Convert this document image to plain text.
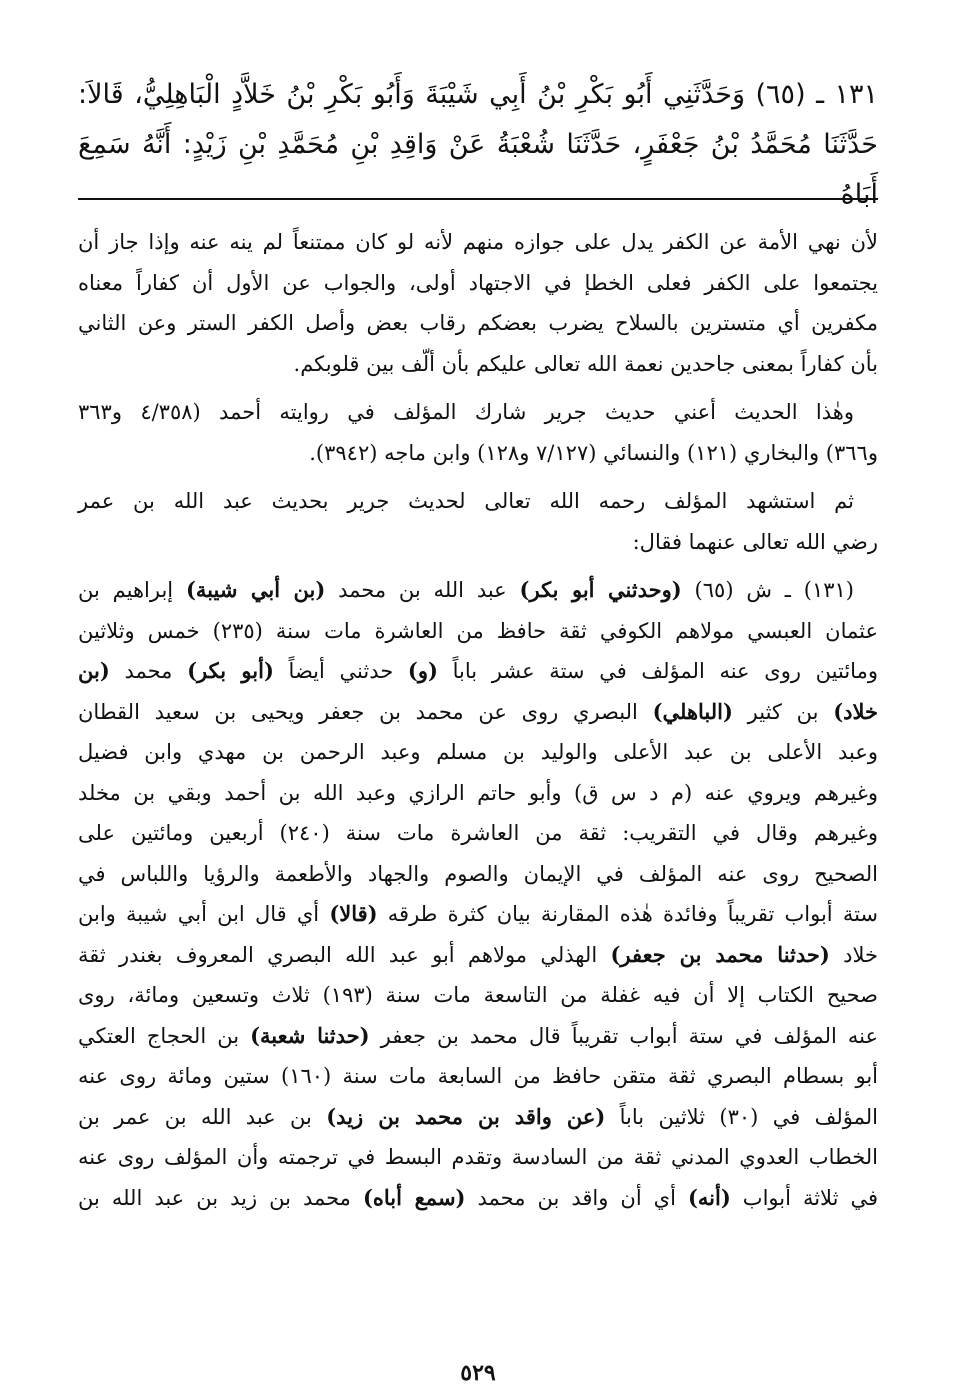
١٣١ ـ (٦٥) وَحَدَّثَنِي أَبُو بَكْرِ بْنُ أَبِي شَيْبَةَ وَأَبُو بَكْرِ بْنُ خَلاَّدٍ الْبَاهِلِيُّ، قَالاَ:
حَدَّثَنَا مُحَمَّدُ بْنُ جَعْفَرٍ، حَدَّثَنَا شُعْبَةُ عَنْ وَاقِدِ بْنِ مُحَمَّدِ بْنِ زَيْدٍ: أَنَّهُ سَمِعَ أَبَاهُ

لأن نهي الأمة عن الكفر يدل على جوازه منهم لأنه لو كان ممتنعاً لم ينه عنه وإذا جاز أن
يجتمعوا على الكفر فعلى الخطإ في الاجتهاد أولى، والجواب عن الأول أن كفاراً معناه
مكفرين أي متسترين بالسلاح يضرب بعضكم رقاب بعض وأصل الكفر الستر وعن الثاني
بأن كفاراً بمعنى جاحدين نعمة الله تعالى عليكم بأن ألّف بين قلوبكم.

وهٰذا الحديث أعني حديث جرير شارك المؤلف في روايته أحمد (٤/٣٥٨ و٣٦٣
و٣٦٦) والبخاري (١٢١) والنسائي (٧/١٢٧ و١٢٨) وابن ماجه (٣٩٤٢).

ثم استشهد المؤلف رحمه الله تعالى لحديث جرير بحديث عبد الله بن عمر
رضي الله تعالى عنهما فقال:

(١٣١) ـ ش (٦٥) (وحدثني أبو بكر) عبد الله بن محمد (بن أبي شيبة) إبراهيم بن
عثمان العبسي مولاهم الكوفي ثقة حافظ من العاشرة مات سنة (٢٣٥) خمس وثلاثين
ومائتين روى عنه المؤلف في ستة عشر باباً (و) حدثني أيضاً (أبو بكر) محمد (بن
خلاد) بن كثير (الباهلي) البصري روى عن محمد بن جعفر ويحيى بن سعيد القطان
وعبد الأعلى بن عبد الأعلى والوليد بن مسلم وعبد الرحمن بن مهدي وابن فضيل
وغيرهم ويروي عنه (م د س ق) وأبو حاتم الرازي وعبد الله بن أحمد وبقي بن مخلد
وغيرهم وقال في التقريب: ثقة من العاشرة مات سنة (٢٤٠) أربعين ومائتين على
الصحيح روى عنه المؤلف في الإيمان والصوم والجهاد والأطعمة والرؤيا واللباس في
ستة أبواب تقريباً وفائدة هٰذه المقارنة بيان كثرة طرقه (قالا) أي قال ابن أبي شيبة وابن
خلاد (حدثنا محمد بن جعفر) الهذلي مولاهم أبو عبد الله البصري المعروف بغندر ثقة
صحيح الكتاب إلا أن فيه غفلة من التاسعة مات سنة (١٩٣) ثلاث وتسعين ومائة، روى
عنه المؤلف في ستة أبواب تقريباً قال محمد بن جعفر (حدثنا شعبة) بن الحجاج العتكي
أبو بسطام البصري ثقة متقن حافظ من السابعة مات سنة (١٦٠) ستين ومائة روى عنه
المؤلف في (٣٠) ثلاثين باباً (عن واقد بن محمد بن زيد) بن عبد الله بن عمر بن
الخطاب العدوي المدني ثقة من السادسة وتقدم البسط في ترجمته وأن المؤلف روى عنه
في ثلاثة أبواب (أنه) أي أن واقد بن محمد (سمع أباه) محمد بن زيد بن عبد الله بن

٥٢٩
